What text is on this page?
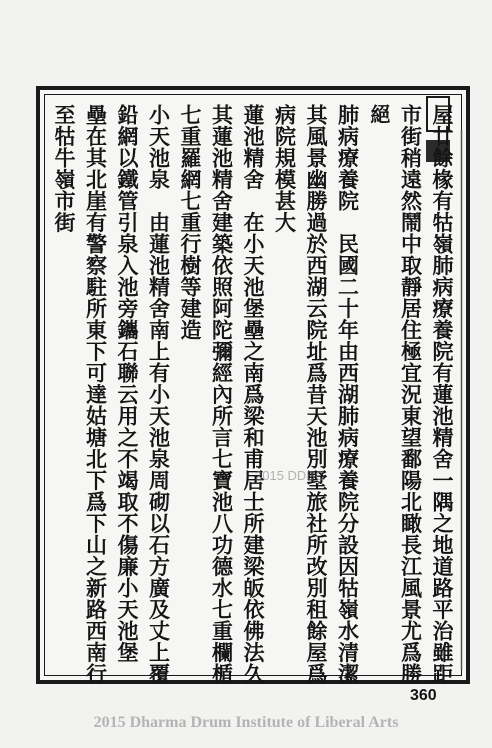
屋廿餘椽有牯嶺肺病療養院有蓮池精舍一隅之地道路平治雖距
市街稍遠然鬧中取靜居住極宜況東望鄱陽北瞰長江風景尤爲勝
絕
肺病療養院　民國二十年由西湖肺病療養院分設因牯嶺水清潔
其風景幽勝過於西湖云院址爲昔天池別墅旅社所改別租餘屋爲
病院規模甚大
蓮池精舍　在小天池堡壘之南爲梁和甫居士所建梁皈依佛法久
其蓮池精舍建築依照阿陀彌經內所言七寶池八功德水七重欄楯
七重羅網七重行樹等建造
小天池泉　由蓮池精舍南上有小天池泉周砌以石方廣及丈上覆
鉛網以鐵管引泉入池旁鑴石聯云用之不竭取不傷廉小天池堡
壘在其北崖有警察駐所東下可達姑塘北下爲下山之新路西南行
至牯牛嶺市街
360
2015 DDBC
2015 Dharma Drum Institute of Liberal Arts
